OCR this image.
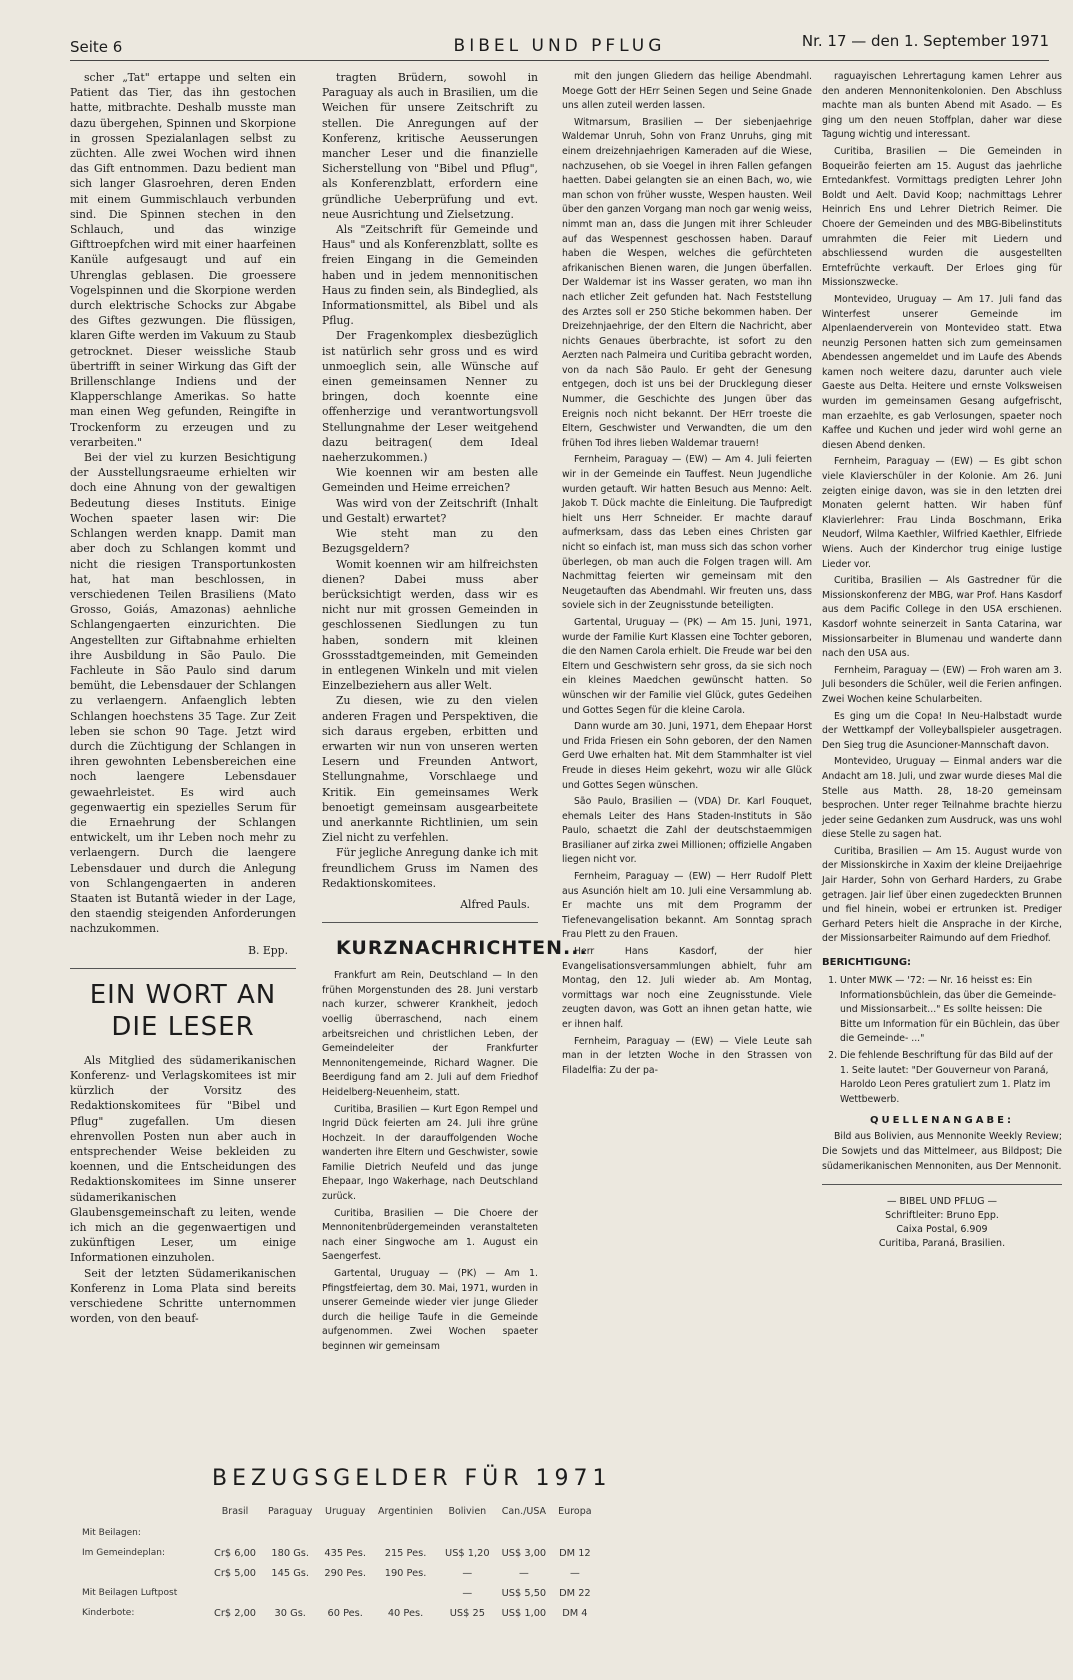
Seite 6	BIBEL UND PFLUG	Nr. 17 — den 1. September 1971

scher „Tat" ertappe und selten ein Patient das Tier, das ihn gestochen hatte, mitbrachte. Deshalb musste man dazu übergehen, Spinnen und Skorpione in grossen Spezialanlagen selbst zu züchten. Alle zwei Wochen wird ihnen das Gift entnommen. Dazu bedient man sich langer Glasroehren, deren Enden mit einem Gummischlauch verbunden sind. Die Spinnen stechen in den Schlauch, und das winzige Gifttroepfchen wird mit einer haarfeinen Kanüle aufgesaugt und auf ein Uhrenglas geblasen. Die groessere Vogelspinnen und die Skorpione werden durch elektrische Schocks zur Abgabe des Giftes gezwungen. Die flüssigen, klaren Gifte werden im Vakuum zu Staub getrocknet. Dieser weissliche Staub übertrifft in seiner Wirkung das Gift der Brillenschlange Indiens und der Klapperschlange Amerikas. So hatte man einen Weg gefunden, Reingifte in Trockenform zu erzeugen und zu verarbeiten."

Bei der viel zu kurzen Besichtigung der Ausstellungsraeume erhielten wir doch eine Ahnung von der gewaltigen Bedeutung dieses Instituts. Einige Wochen spaeter lasen wir: Die Schlangen werden knapp. Damit man aber doch zu Schlangen kommt und nicht die riesigen Transportunkosten hat, hat man beschlossen, in verschiedenen Teilen Brasiliens (Mato Grosso, Goiás, Amazonas) aehnliche Schlangengaerten einzurichten. Die Angestellten zur Giftabnahme erhielten ihre Ausbildung in São Paulo. Die Fachleute in São Paulo sind darum bemüht, die Lebensdauer der Schlangen zu verlaengern. Anfaenglich lebten Schlangen hoechstens 35 Tage. Zur Zeit leben sie schon 90 Tage. Jetzt wird durch die Züchtigung der Schlangen in ihren gewohnten Lebensbereichen eine noch laengere Lebensdauer gewaehrleistet. Es wird auch gegenwaertig ein spezielles Serum für die Ernaehrung der Schlangen entwickelt, um ihr Leben noch mehr zu verlaengern. Durch die laengere Lebensdauer und durch die Anlegung von Schlangengaerten in anderen Staaten ist Butantã wieder in der Lage, den staendig steigenden Anforderungen nachzukommen.

B. Epp.

EIN WORT AN DIE LESER

Als Mitglied des südamerikanischen Konferenz- und Verlagskomitees ist mir kürzlich der Vorsitz des Redaktionskomitees für "Bibel und Pflug" zugefallen. Um diesen ehrenvollen Posten nun aber auch in entsprechender Weise bekleiden zu koennen, und die Entscheidungen des Redaktionskomitees im Sinne unserer südamerikanischen Glaubensgemeinschaft zu leiten, wende ich mich an die gegenwaertigen und zukünftigen Leser, um einige Informationen einzuholen.

Seit der letzten Südamerikanischen Konferenz in Loma Plata sind bereits verschiedene Schritte unternommen worden, von den beauf-

tragten Brüdern, sowohl in Paraguay als auch in Brasilien, um die Weichen für unsere Zeitschrift zu stellen. Die Anregungen auf der Konferenz, kritische Aeusserungen mancher Leser und die finanzielle Sicherstellung von "Bibel und Pflug", als Konferenzblatt, erfordern eine gründliche Ueberprüfung und evt. neue Ausrichtung und Zielsetzung.

Als "Zeitschrift für Gemeinde und Haus" und als Konferenzblatt, sollte es freien Eingang in die Gemeinden haben und in jedem mennonitischen Haus zu finden sein, als Bindeglied, als Informationsmittel, als Bibel und als Pflug.

Der Fragenkomplex diesbezüglich ist natürlich sehr gross und es wird unmoeglich sein, alle Wünsche auf einen gemeinsamen Nenner zu bringen, doch koennte eine offenherzige und verantwortungsvoll Stellungnahme der Leser weitgehend dazu beitragen( dem Ideal naeherzukommen.)

Wie koennen wir am besten alle Gemeinden und Heime erreichen?

Was wird von der Zeitschrift (Inhalt und Gestalt) erwartet?

Wie steht man zu den Bezugsgeldern?

Womit koennen wir am hilfreichsten dienen? Dabei muss aber berücksichtigt werden, dass wir es nicht nur mit grossen Gemeinden in geschlossenen Siedlungen zu tun haben, sondern mit kleinen Grossstadtgemeinden, mit Gemeinden in entlegenen Winkeln und mit vielen Einzelbeziehern aus aller Welt.

Zu diesen, wie zu den vielen anderen Fragen und Perspektiven, die sich daraus ergeben, erbitten und erwarten wir nun von unseren werten Lesern und Freunden Antwort, Stellungnahme, Vorschlaege und Kritik. Ein gemeinsames Werk benoetigt gemeinsam ausgearbeitete und anerkannte Richtlinien, um sein Ziel nicht zu verfehlen.

Für jegliche Anregung danke ich mit freundlichem Gruss im Namen des Redaktionskomitees.

Alfred Pauls.

KURZNACHRICHTEN...

Frankfurt am Rein, Deutschland — In den frühen Morgenstunden des 28. Juni verstarb nach kurzer, schwerer Krankheit, jedoch voellig überraschend, nach einem arbeitsreichen und christlichen Leben, der Gemeindeleiter der Frankfurter Mennonitengemeinde, Richard Wagner. Die Beerdigung fand am 2. Juli auf dem Friedhof Heidelberg-Neuenheim, statt.

Curitiba, Brasilien — Kurt Egon Rempel und Ingrid Dück feierten am 24. Juli ihre grüne Hochzeit. In der darauffolgenden Woche wanderten ihre Eltern und Geschwister, sowie Familie Dietrich Neufeld und das junge Ehepaar, Ingo Wakerhage, nach Deutschland zurück.

Curitiba, Brasilien — Die Choere der Mennonitenbrüdergemeinden veranstalteten nach einer Singwoche am 1. August ein Saengerfest.

Gartental, Uruguay — (PK) — Am 1. Pfingstfeiertag, dem 30. Mai, 1971, wurden in unserer Gemeinde wieder vier junge Glieder durch die heilige Taufe in die Gemeinde aufgenommen. Zwei Wochen spaeter beginnen wir gemeinsam

mit den jungen Gliedern das heilige Abendmahl. Moege Gott der HErr Seinen Segen und Seine Gnade uns allen zuteil werden lassen.

Witmarsum, Brasilien — Der siebenjaehrige Waldemar Unruh, Sohn von Franz Unruhs, ging mit einem dreizehnjaehrigen Kameraden auf die Wiese, nachzusehen, ob sie Voegel in ihren Fallen gefangen haetten. Dabei gelangten sie an einen Bach, wo, wie man schon von früher wusste, Wespen hausten. Weil über den ganzen Vorgang man noch gar wenig weiss, nimmt man an, dass die Jungen mit ihrer Schleuder auf das Wespennest geschossen haben. Darauf haben die Wespen, welches die gefürchteten afrikanischen Bienen waren, die Jungen überfallen. Der Waldemar ist ins Wasser geraten, wo man ihn nach etlicher Zeit gefunden hat. Nach Feststellung des Arztes soll er 250 Stiche bekommen haben. Der Dreizehnjaehrige, der den Eltern die Nachricht, aber nichts Genaues überbrachte, ist sofort zu den Aerzten nach Palmeira und Curitiba gebracht worden, von da nach São Paulo. Er geht der Genesung entgegen, doch ist uns bei der Drucklegung dieser Nummer, die Geschichte des Jungen über das Ereignis noch nicht bekannt. Der HErr troeste die Eltern, Geschwister und Verwandten, die um den frühen Tod ihres lieben Waldemar trauern!

Fernheim, Paraguay — (EW) — Am 4. Juli feierten wir in der Gemeinde ein Tauffest. Neun Jugendliche wurden getauft. Wir hatten Besuch aus Menno: Aelt. Jakob T. Dück machte die Einleitung. Die Taufpredigt hielt uns Herr Schneider. Er machte darauf aufmerksam, dass das Leben eines Christen gar nicht so einfach ist, man muss sich das schon vorher überlegen, ob man auch die Folgen tragen will. Am Nachmittag feierten wir gemeinsam mit den Neugetauften das Abendmahl. Wir freuten uns, dass soviele sich in der Zeugnisstunde beteiligten.

Gartental, Uruguay — (PK) — Am 15. Juni, 1971, wurde der Familie Kurt Klassen eine Tochter geboren, die den Namen Carola erhielt. Die Freude war bei den Eltern und Geschwistern sehr gross, da sie sich noch ein kleines Maedchen gewünscht hatten. So wünschen wir der Familie viel Glück, gutes Gedeihen und Gottes Segen für die kleine Carola.

Dann wurde am 30. Juni, 1971, dem Ehepaar Horst und Frida Friesen ein Sohn geboren, der den Namen Gerd Uwe erhalten hat. Mit dem Stammhalter ist viel Freude in dieses Heim gekehrt, wozu wir alle Glück und Gottes Segen wünschen.

São Paulo, Brasilien — (VDA) Dr. Karl Fouquet, ehemals Leiter des Hans Staden-Instituts in São Paulo, schaetzt die Zahl der deutschstaemmigen Brasilianer auf zirka zwei Millionen; offizielle Angaben liegen nicht vor.

Fernheim, Paraguay — (EW) — Herr Rudolf Plett aus Asunción hielt am 10. Juli eine Versammlung ab. Er machte uns mit dem Programm der Tiefenevangelisation bekannt. Am Sonntag sprach Frau Plett zu den Frauen.

Herr Hans Kasdorf, der hier Evangelisationsversammlungen abhielt, fuhr am Montag, den 12. Juli wieder ab. Am Montag, vormittags war noch eine Zeugnisstunde. Viele zeugten davon, was Gott an ihnen getan hatte, wie er ihnen half.

Fernheim, Paraguay — (EW) — Viele Leute sah man in der letzten Woche in den Strassen von Filadelfia: Zu der pa-

raguayischen Lehrertagung kamen Lehrer aus den anderen Mennonitenkolonien. Den Abschluss machte man als bunten Abend mit Asado. — Es ging um den neuen Stoffplan, daher war diese Tagung wichtig und interessant.

Curitiba, Brasilien — Die Gemeinden in Boqueirão feierten am 15. August das jaehrliche Erntedankfest. Vormittags predigten Lehrer John Boldt und Aelt. David Koop; nachmittags Lehrer Heinrich Ens und Lehrer Dietrich Reimer. Die Choere der Gemeinden und des MBG-Bibelinstituts umrahmten die Feier mit Liedern und abschliessend wurden die ausgestellten Erntefrüchte verkauft. Der Erloes ging für Missionszwecke.

Montevideo, Uruguay — Am 17. Juli fand das Winterfest unserer Gemeinde im Alpenlaenderverein von Montevideo statt. Etwa neunzig Personen hatten sich zum gemeinsamen Abendessen angemeldet und im Laufe des Abends kamen noch weitere dazu, darunter auch viele Gaeste aus Delta. Heitere und ernste Volksweisen wurden im gemeinsamen Gesang aufgefrischt, man erzaehlte, es gab Verlosungen, spaeter noch Kaffee und Kuchen und jeder wird wohl gerne an diesen Abend denken.

Fernheim, Paraguay — (EW) — Es gibt schon viele Klavierschüler in der Kolonie. Am 26. Juni zeigten einige davon, was sie in den letzten drei Monaten gelernt hatten. Wir haben fünf Klavierlehrer: Frau Linda Boschmann, Erika Neudorf, Wilma Kaethler, Wilfried Kaethler, Elfriede Wiens. Auch der Kinderchor trug einige lustige Lieder vor.

Curitiba, Brasilien — Als Gastredner für die Missionskonferenz der MBG, war Prof. Hans Kasdorf aus dem Pacific College in den USA erschienen. Kasdorf wohnte seinerzeit in Santa Catarina, war Missionsarbeiter in Blumenau und wanderte dann nach den USA aus.

Fernheim, Paraguay — (EW) — Froh waren am 3. Juli besonders die Schüler, weil die Ferien anfingen. Zwei Wochen keine Schularbeiten.

Es ging um die Copa! In Neu-Halbstadt wurde der Wettkampf der Volleyballspieler ausgetragen. Den Sieg trug die Asuncioner-Mannschaft davon.

Montevideo, Uruguay — Einmal anders war die Andacht am 18. Juli, und zwar wurde dieses Mal die Stelle aus Matth. 28, 18-20 gemeinsam besprochen. Unter reger Teilnahme brachte hierzu jeder seine Gedanken zum Ausdruck, was uns wohl diese Stelle zu sagen hat.

Curitiba, Brasilien — Am 15. August wurde von der Missionskirche in Xaxim der kleine Dreijaehrige Jair Harder, Sohn von Gerhard Harders, zu Grabe getragen. Jair lief über einen zugedeckten Brunnen und fiel hinein, wobei er ertrunken ist. Prediger Gerhard Peters hielt die Ansprache in der Kirche, der Missionsarbeiter Raimundo auf dem Friedhof.

BERICHTIGUNG:
1. Unter MWK — '72: — Nr. 16 heisst es: Ein Informationsbüchlein, das über die Gemeinde- und Missionsarbeit..." Es sollte heissen: Die Bitte um Information für ein Büchlein, das über die Gemeinde- ..."
2. Die fehlende Beschriftung für das Bild auf der 1. Seite lautet: "Der Gouverneur von Paraná, Haroldo Leon Peres gratuliert zum 1. Platz im Wettbewerb.
QUELLENANGABE:

Bild aus Bolivien, aus Mennonite Weekly Review; Die Sowjets und das Mittelmeer, aus Bildpost; Die südamerikanischen Mennoniten, aus Der Mennonit.

— BIBEL UND PFLUG —
Schriftleiter: Bruno Epp.
Caixa Postal, 6.909
Curitiba, Paraná, Brasilien.
BEZUGSGELDER FÜR 1971
	Brasil	Paraguay	Uruguay	Argentinien	Bolivien	Can./USA	Europa
Mit Beilagen:							
Im Gemeindeplan:	Cr$ 6,00	180 Gs.	435 Pes.	215 Pes.	US$ 1,20	US$ 3,00	DM 12
	Cr$ 5,00	145 Gs.	290 Pes.	190 Pes.	—	—	—
Mit Beilagen Luftpost					—	US$ 5,50	DM 22
Kinderbote:	Cr$ 2,00	30 Gs.	60 Pes.	40 Pes.	US$ 25	US$ 1,00	DM 4
